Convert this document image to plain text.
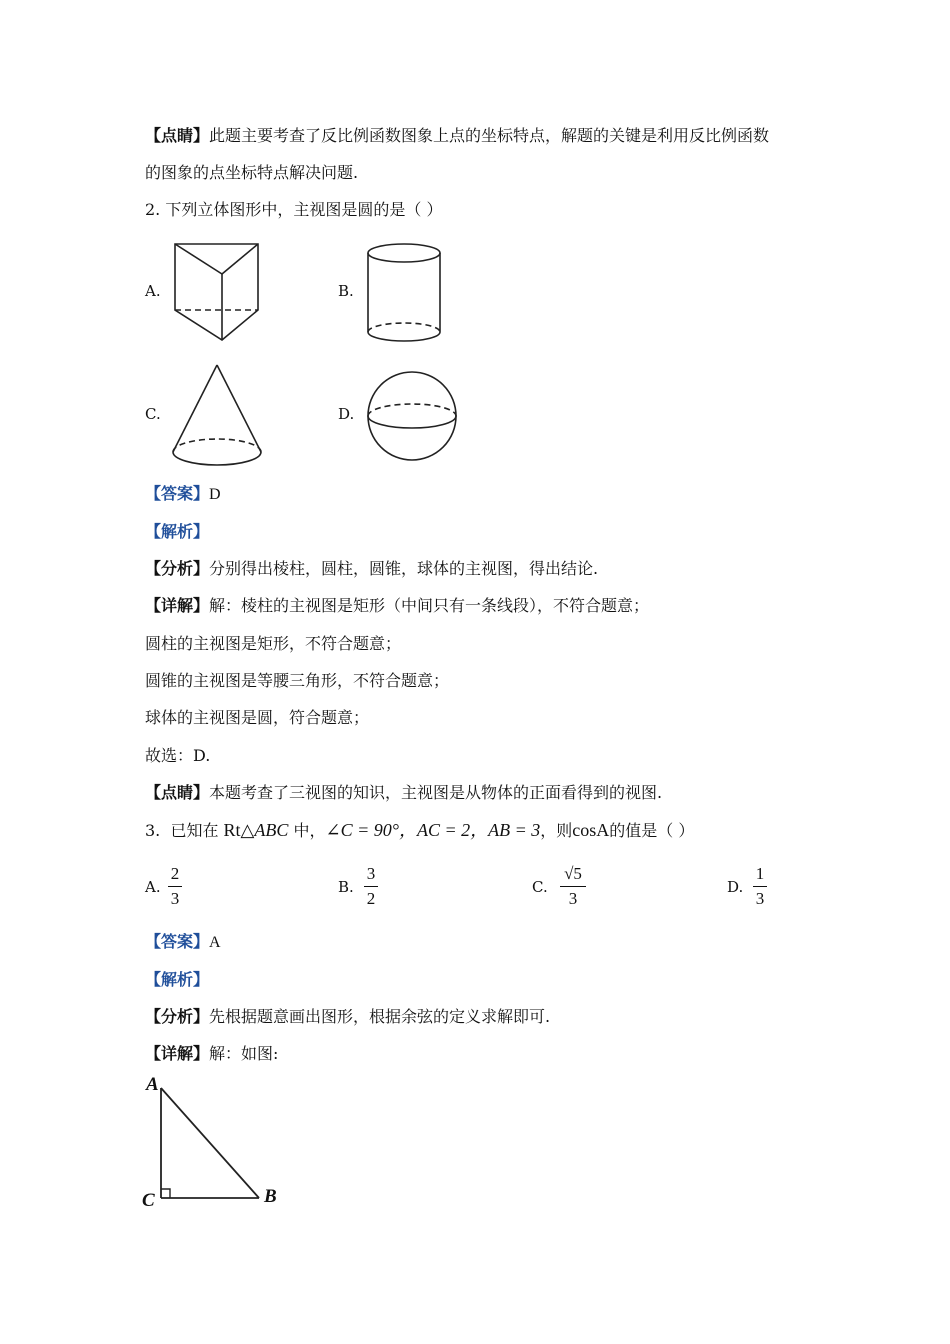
【点睛】此题主要考查了反比例函数图象上点的坐标特点，解题的关键是利用反比例函数
的图象的点坐标特点解决问题.
2. 下列立体图形中，主视图是圆的是（ ）
A.	B.
C.	D.
【答案】D
【解析】
【分析】分别得出棱柱，圆柱，圆锥，球体的主视图，得出结论.
【详解】解：棱柱的主视图是矩形（中间只有一条线段），不符合题意；
圆柱的主视图是矩形，不符合题意；
圆锥的主视图是等腰三角形，不符合题意；
球体的主视图是圆，符合题意；
故选：D.
【点睛】本题考查了三视图的知识，主视图是从物体的正面看得到的视图.
3. 已知在 Rt△ABC 中，∠C = 90°，AC = 2，AB = 3，则cosA的值是（ ）
A.
2
3
B.
3
2
C.
√5
3
D.
1
3
【答案】A
【解析】
【分析】先根据题意画出图形，根据余弦的定义求解即可.
【详解】解：如图:
A
C	B
